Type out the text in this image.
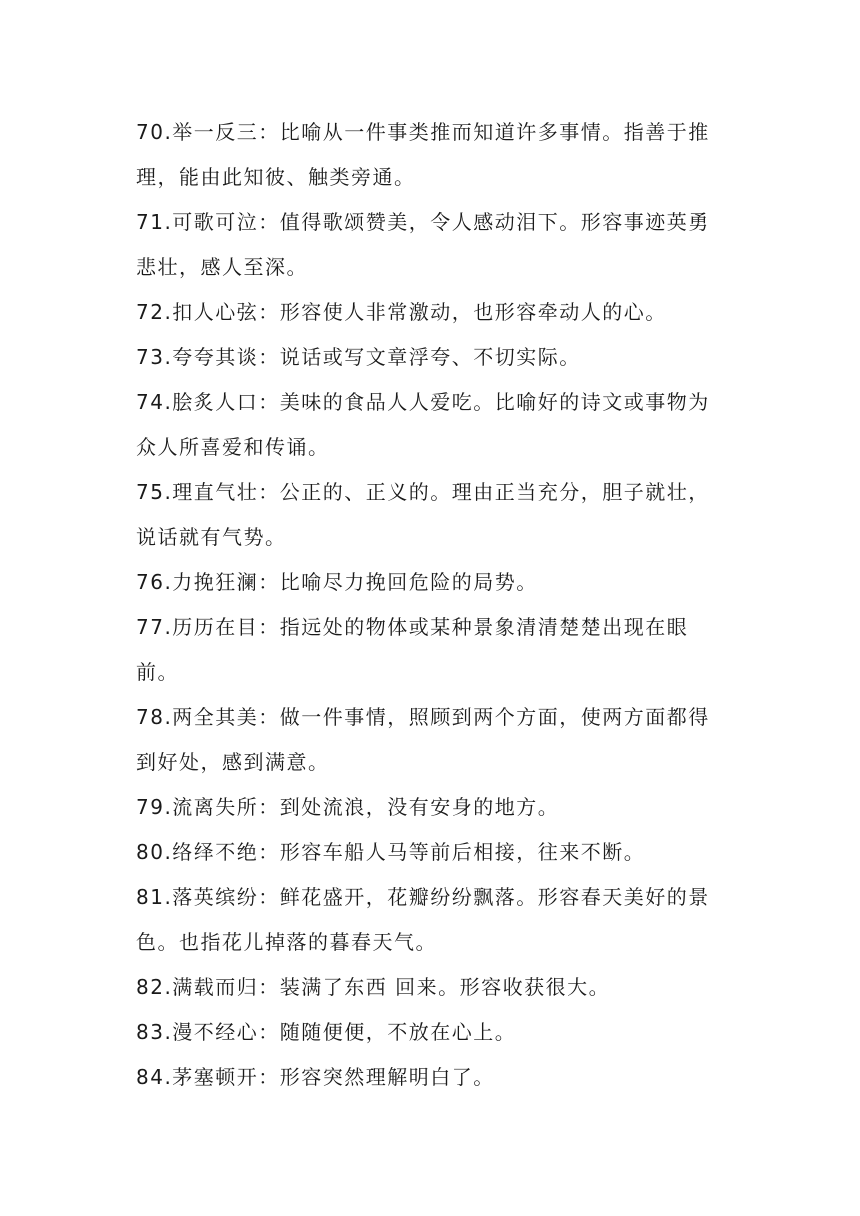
70.举一反三：比喻从一件事类推而知道许多事情。指善于推理，能由此知彼、触类旁通。

71.可歌可泣：值得歌颂赞美，令人感动泪下。形容事迹英勇悲壮，感人至深。

72.扣人心弦：形容使人非常激动，也形容牵动人的心。

73.夸夸其谈：说话或写文章浮夸、不切实际。

74.脍炙人口：美味的食品人人爱吃。比喻好的诗文或事物为众人所喜爱和传诵。

75.理直气壮：公正的、正义的。理由正当充分，胆子就壮，说话就有气势。

76.力挽狂澜：比喻尽力挽回危险的局势。

77.历历在目：指远处的物体或某种景象清清楚楚出现在眼前。

78.两全其美：做一件事情，照顾到两个方面，使两方面都得到好处，感到满意。

79.流离失所：到处流浪，没有安身的地方。

80.络绎不绝：形容车船人马等前后相接，往来不断。

81.落英缤纷：鲜花盛开，花瓣纷纷飘落。形容春天美好的景色。也指花儿掉落的暮春天气。

82.满载而归：装满了东西 回来。形容收获很大。

83.漫不经心：随随便便，不放在心上。

84.茅塞顿开：形容突然理解明白了。
